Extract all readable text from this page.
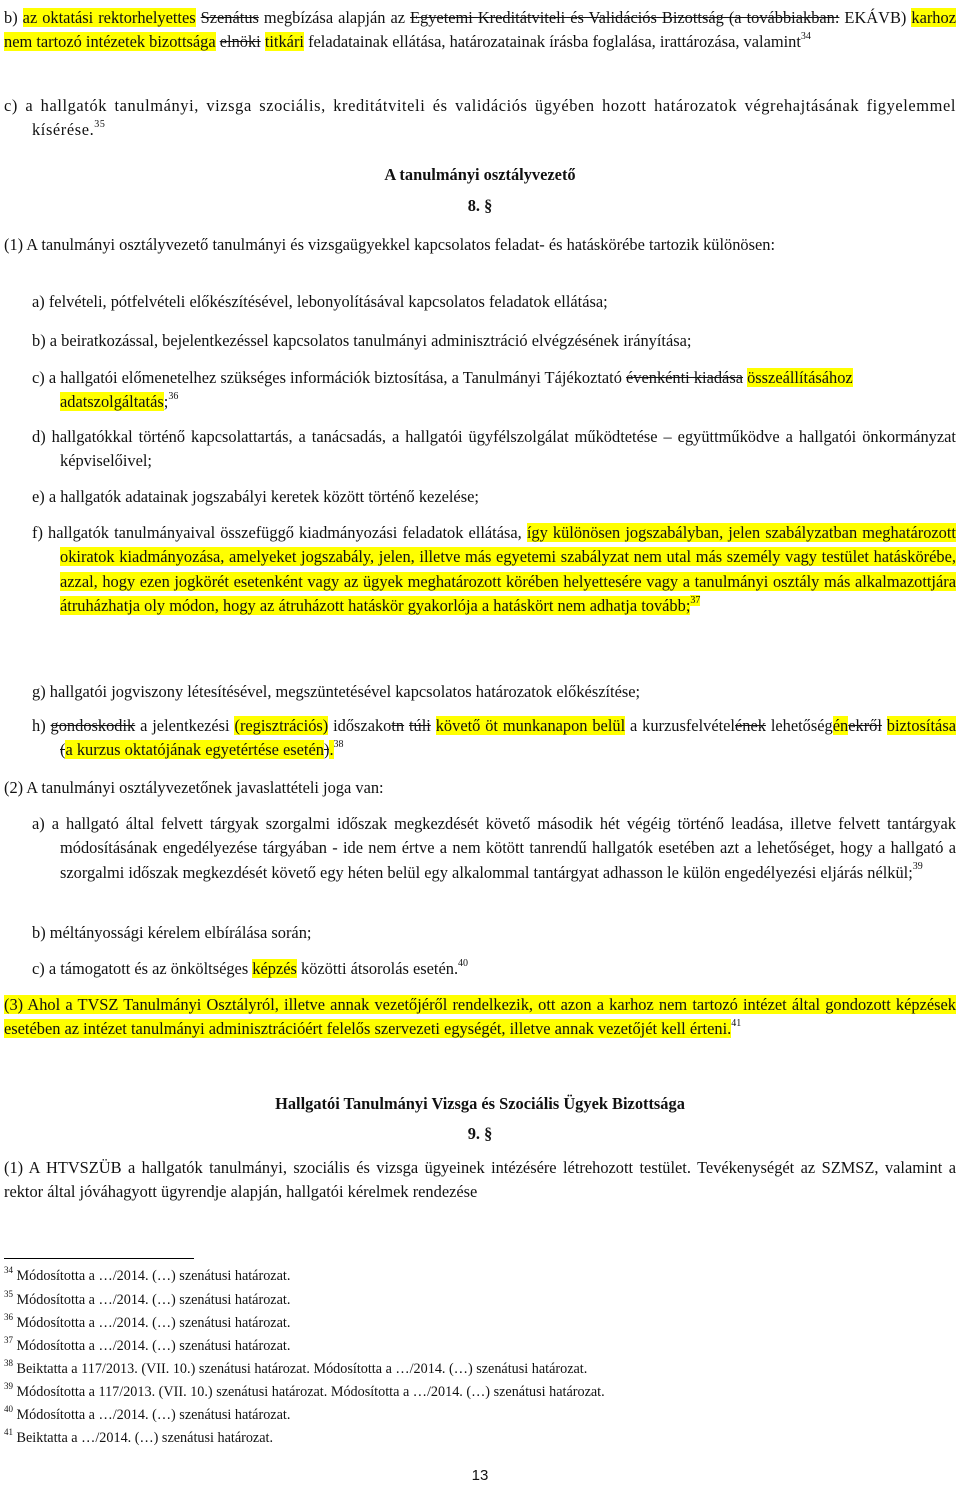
b) az oktatási rektorhelyettes Szenátus megbízása alapján az Egyetemi Kreditátviteli és Validációs Bizottság (a továbbiakban: EKÁVB) karhoz nem tartozó intézetek bizottsága elnöki titkári feladatainak ellátása, határozatainak írásba foglalása, irattározása, valamint$^{34}$

c) a hallgatók tanulmányi, vizsga szociális, kreditátviteli és validációs ügyében hozott határozatok végrehajtásának figyelemmel kísérése.$^{35}$

A tanulmányi osztályvezető
8. §

(1) A tanulmányi osztályvezető tanulmányi és vizsgaügyekkel kapcsolatos feladat- és hatáskörébe tartozik különösen:

a) felvételi, pótfelvételi előkészítésével, lebonyolításával kapcsolatos feladatok ellátása;

b) a beiratkozással, bejelentkezéssel kapcsolatos tanulmányi adminisztráció elvégzésének irányítása;

c) a hallgatói előmenetelhez szükséges információk biztosítása, a Tanulmányi Tájékoztató évenkénti kiadása összeállításához adatszolgáltatás;$^{36}$

d) hallgatókkal történő kapcsolattartás, a tanácsadás, a hallgatói ügyfélszolgálat működtetése – együttműködve a hallgatói önkormányzat képviselőivel;

e) a hallgatók adatainak jogszabályi keretek között történő kezelése;

f) hallgatók tanulmányaival összefüggő kiadmányozási feladatok ellátása, így különösen jogszabályban, jelen szabályzatban meghatározott okiratok kiadmányozása, amelyeket jogszabály, jelen, illetve más egyetemi szabályzat nem utal más személy vagy testület hatáskörébe, azzal, hogy ezen jogkörét esetenként vagy az ügyek meghatározott körében helyettesére vagy a tanulmányi osztály más alkalmazottjára átruházhatja oly módon, hogy az átruházott hatáskör gyakorlója a hatáskört nem adhatja tovább;$^{37}$

g) hallgatói jogviszony létesítésével, megszüntetésével kapcsolatos határozatok előkészítése;

h) gondoskodik a jelentkezési (regisztrációs) időszakotn túli követő öt munkanapon belül a kurzusfelvételének lehetőségénekről biztosítása (a kurzus oktatójának egyetértése esetén).$^{38}$

(2) A tanulmányi osztályvezetőnek javaslattételi joga van:

a) a hallgató által felvett tárgyak szorgalmi időszak megkezdését követő második hét végéig történő leadása, illetve felvett tantárgyak módosításának engedélyezése tárgyában - ide nem értve a nem kötött tanrendű hallgatók esetében azt a lehetőséget, hogy a hallgató a szorgalmi időszak megkezdését követő egy héten belül egy alkalommal tantárgyat adhasson le külön engedélyezési eljárás nélkül;$^{39}$

b) méltányossági kérelem elbírálása során;

c) a támogatott és az önköltséges képzés közötti átsorolás esetén.$^{40}$

(3) Ahol a TVSZ Tanulmányi Osztályról, illetve annak vezetőjéről rendelkezik, ott azon a karhoz nem tartozó intézet által gondozott képzések esetében az intézet tanulmányi adminisztrációért felelős szervezeti egységét, illetve annak vezetőjét kell érteni.$^{41}$

Hallgatói Tanulmányi Vizsga és Szociális Ügyek Bizottsága
9. §

(1) A HTVSZÜB a hallgatók tanulmányi, szociális és vizsga ügyeinek intézésére létrehozott testület. Tevékenységét az SZMSZ, valamint a rektor által jóváhagyott ügyrendje alapján, hallgatói kérelmek rendezése

$^{34}$ Módosította a …/2014. (…) szenátusi határozat.

$^{35}$ Módosította a …/2014. (…) szenátusi határozat.

$^{36}$ Módosította a …/2014. (…) szenátusi határozat.

$^{37}$ Módosította a …/2014. (…) szenátusi határozat.

$^{38}$ Beiktatta a 117/2013. (VII. 10.) szenátusi határozat. Módosította a …/2014. (…) szenátusi határozat.

$^{39}$ Módosította a 117/2013. (VII. 10.) szenátusi határozat. Módosította a …/2014. (…) szenátusi határozat.

$^{40}$ Módosította a …/2014. (…) szenátusi határozat.

$^{41}$ Beiktatta a …/2014. (…) szenátusi határozat.

13
